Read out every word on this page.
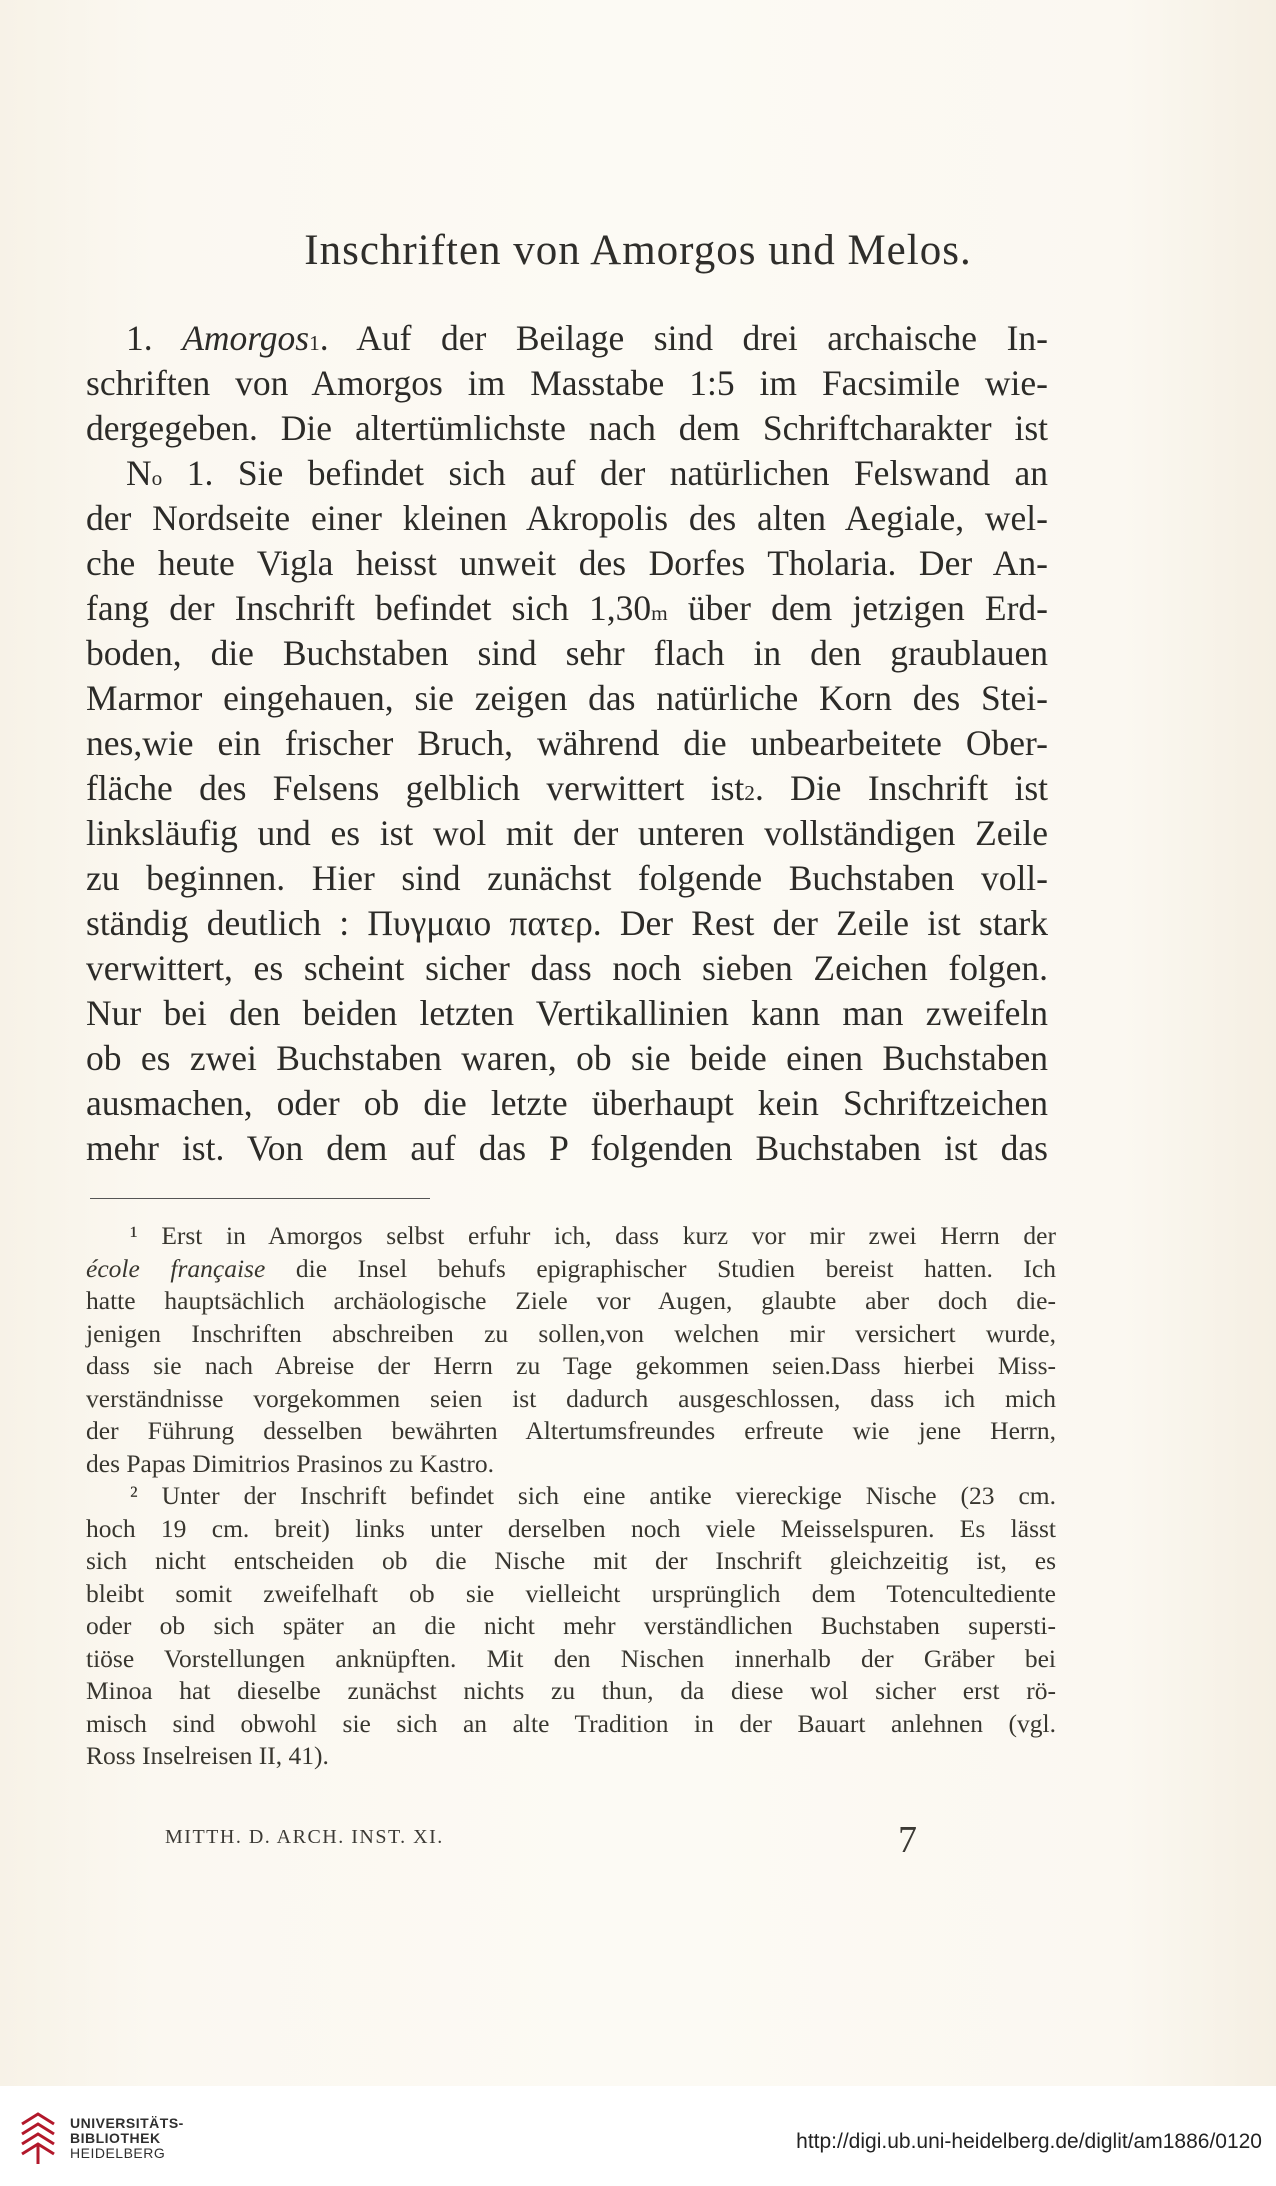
Inschriften von Amorgos und Melos.
1. Amorgos$^1$. Auf der Beilage sind drei archaische In-
schriften von Amorgos im Masstabe 1:5 im Facsimile wie-
dergegeben. Die altertümlichste nach dem Schriftcharakter ist
$N^o$ 1. Sie befindet sich auf der natürlichen Felswand an
der Nordseite einer kleinen Akropolis des alten Aegiale, wel-
che heute Vigla heisst unweit des Dorfes Tholaria. Der An-
fang der Inschrift befindet sich 1,30$^m$ über dem jetzigen Erd-
boden, die Buchstaben sind sehr flach in den graublauen
Marmor eingehauen, sie zeigen das natürliche Korn des Stei-
nes,wie ein frischer Bruch, während die unbearbeitete Ober-
fläche des Felsens gelblich verwittert ist$^2$. Die Inschrift ist
linksläufig und es ist wol mit der unteren vollständigen Zeile
zu beginnen. Hier sind zunächst folgende Buchstaben voll-
ständig deutlich : Πυγμαιο πατερ. Der Rest der Zeile ist stark
verwittert, es scheint sicher dass noch sieben Zeichen folgen.
Nur bei den beiden letzten Vertikallinien kann man zweifeln
ob es zwei Buchstaben waren, ob sie beide einen Buchstaben
ausmachen, oder ob die letzte überhaupt kein Schriftzeichen
mehr ist. Von dem auf das P folgenden Buchstaben ist das
¹ Erst in Amorgos selbst erfuhr ich, dass kurz vor mir zwei Herrn der
école française die Insel behufs epigraphischer Studien bereist hatten. Ich
hatte hauptsächlich archäologische Ziele vor Augen, glaubte aber doch die-
jenigen Inschriften abschreiben zu sollen,von welchen mir versichert wurde,
dass sie nach Abreise der Herrn zu Tage gekommen seien.Dass hierbei Miss-
verständnisse vorgekommen seien ist dadurch ausgeschlossen, dass ich mich
der Führung desselben bewährten Altertumsfreundes erfreute wie jene Herrn,
des Papas Dimitrios Prasinos zu Kastro.
² Unter der Inschrift befindet sich eine antike viereckige Nische (23 cm.
hoch 19 cm. breit) links unter derselben noch viele Meisselspuren. Es lässt
sich nicht entscheiden ob die Nische mit der Inschrift gleichzeitig ist, es
bleibt somit zweifelhaft ob sie vielleicht ursprünglich dem Totencultediente
oder ob sich später an die nicht mehr verständlichen Buchstaben supersti-
tiöse Vorstellungen anknüpften. Mit den Nischen innerhalb der Gräber bei
Minoa hat dieselbe zunächst nichts zu thun, da diese wol sicher erst rö-
misch sind obwohl sie sich an alte Tradition in der Bauart anlehnen (vgl.
Ross Inselreisen II, 41).
MITTH. D. ARCH. INST. XI.	7
UNIVERSITÄTS-
BIBLIOTHEK
HEIDELBERG	http://digi.ub.uni-heidelberg.de/diglit/am1886/0120
